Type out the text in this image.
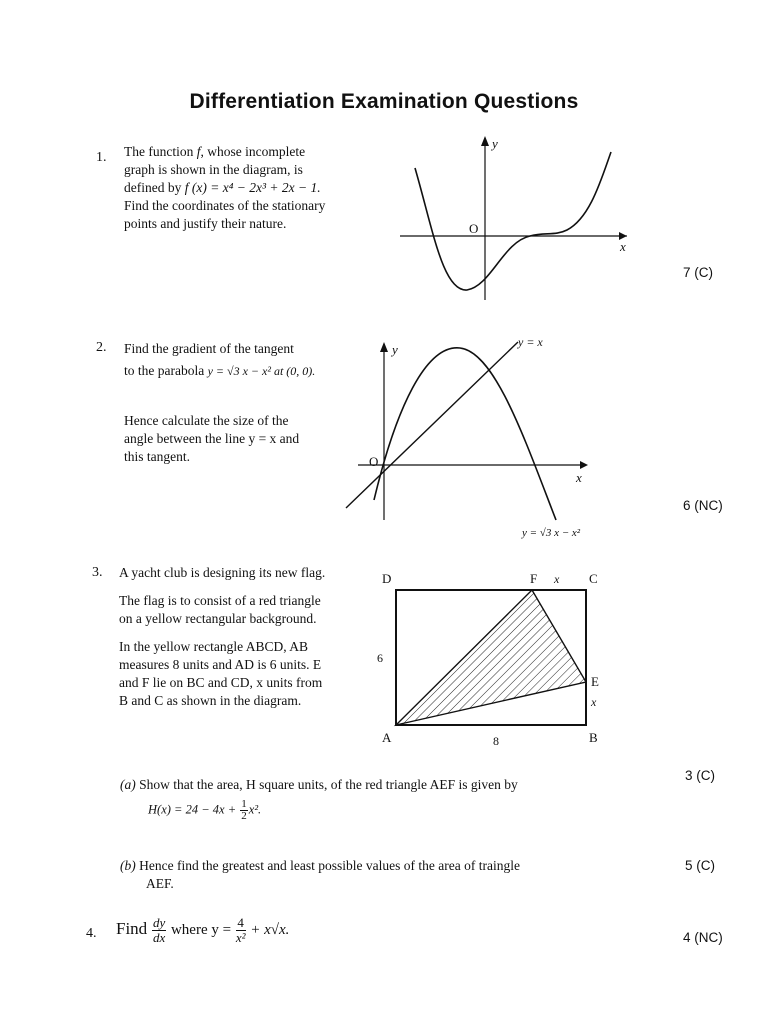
Differentiation Examination Questions
1. The function f, whose incomplete
graph is shown in the diagram, is
defined by f (x) = x⁴ − 2x³ + 2x − 1.
Find the coordinates of the stationary
points and justify their nature.
y
x
O
7 (C)
2. Find the gradient of the tangent
to the parabola y = √3 x − x² at (0, 0).
Hence calculate the size of the
angle between the line y = x and
this tangent.
y
x
O
y = x
y = √3 x − x²
6 (NC)
3. A yacht club is designing its new flag.
The flag is to consist of a red triangle
on a yellow rectangular background.
In the yellow rectangle ABCD, AB
measures 8 units and AD is 6 units. E
and F lie on BC and CD, x units from
B and C as shown in the diagram.
D	F x C
6
E
x
A	8	B
(a) Show that the area, H square units, of the red triangle AEF is given by
$H(x) = 24 - 4x + \frac{1}{2} x^2$.
3 (C)
(b) Hence find the greatest and least possible values of the area of traingle
AEF.
5 (C)
4. Find $\frac{dy}{dx}$ where $y = \frac{4}{\text{x²}} + x√x$.	4 (NC)
